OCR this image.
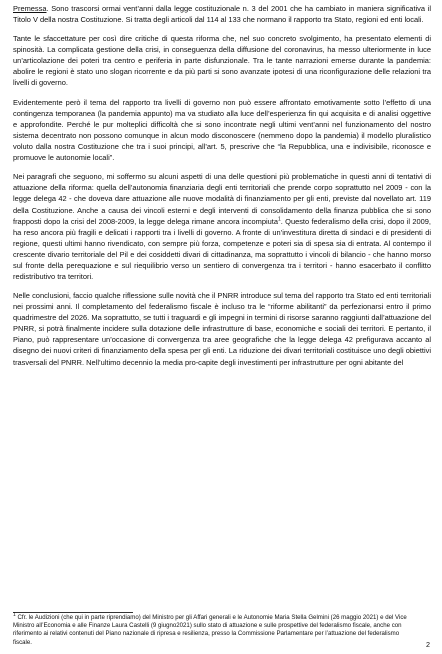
Premessa. Sono trascorsi ormai vent’anni dalla legge costituzionale n. 3 del 2001 che ha cambiato in maniera significativa il Titolo V della nostra Costituzione. Si tratta degli articoli dal 114 al 133 che normano il rapporto tra Stato, regioni ed enti locali.

Tante le sfaccettature per così dire critiche di questa riforma che, nel suo concreto svolgimento, ha presentato elementi di spinosità. La complicata gestione della crisi, in conseguenza della diffusione del coronavirus, ha messo ulteriormente in luce un’articolazione dei poteri tra centro e periferia in parte disfunzionale. Tra le tante narrazioni emerse durante la pandemia: abolire le regioni è stato uno slogan ricorrente e da più parti si sono avanzate ipotesi di una riconfigurazione delle relazioni tra livelli di governo.

Evidentemente però il tema del rapporto tra livelli di governo non può essere affrontato emotivamente sotto l’effetto di una contingenza temporanea (la pandemia appunto) ma va studiato alla luce dell’esperienza fin qui acquisita e di analisi oggettive e approfondite. Perché le pur molteplici difficoltà che si sono incontrate negli ultimi vent’anni nel funzionamento del nostro sistema decentrato non possono comunque in alcun modo disconoscere (nemmeno dopo la pandemia) il modello pluralistico voluto dalla nostra Costituzione che tra i suoi principi, all’art. 5, prescrive che “la Repubblica, una e indivisibile, riconosce e promuove le autonomie locali”.

Nei paragrafi che seguono, mi soffermo su alcuni aspetti di una delle questioni più problematiche in questi anni di tentativi di attuazione della riforma: quella dell’autonomia finanziaria degli enti territoriali che prende corpo soprattutto nel 2009 - con la legge delega 42 - che doveva dare attuazione alle nuove modalità di finanziamento per gli enti, previste dal novellato art. 119 della Costituzione. Anche a causa dei vincoli esterni e degli interventi di consolidamento della finanza pubblica che si sono frapposti dopo la crisi del 2008-2009, la legge delega rimane ancora incompiuta$^1$. Questo federalismo della crisi, dopo il 2009, ha reso ancora più fragili e delicati i rapporti tra i livelli di governo. A fronte di un’investitura diretta di sindaci e di presidenti di regione, questi ultimi hanno rivendicato, con sempre più forza, competenze e poteri sia di spesa sia di entrata. Al contempo il crescente divario territoriale del Pil e dei cosiddetti divari di cittadinanza, ma soprattutto i vincoli di bilancio - che hanno morso sul fronte della perequazione e sul riequilibrio verso un sentiero di convergenza tra i territori - hanno esacerbato il conflitto redistributivo tra territori.

Nelle conclusioni, faccio qualche riflessione sulle novità che il PNRR introduce sul tema del rapporto tra Stato ed enti territoriali nei prossimi anni. Il completamento del federalismo fiscale è incluso tra le “riforme abilitanti” da perfezionarsi entro il primo quadrimestre del 2026. Ma soprattutto, se tutti i traguardi e gli impegni in termini di risorse saranno raggiunti dall’attuazione del PNRR, si potrà finalmente incidere sulla dotazione delle infrastrutture di base, economiche e sociali dei territori. E pertanto, il Piano, può rappresentare un’occasione di convergenza tra aree geografiche che la legge delega 42 prefigurava accanto al disegno dei nuovi criteri di finanziamento della spesa per gli enti. La riduzione dei divari territoriali costituisce uno degli obiettivi trasversali del PNRR. Nell’ultimo decennio la media pro-capite degli investimenti per infrastrutture per ogni abitante del

$^1$ Cfr. le Audizioni (che qui in parte riprendiamo) del Ministro per gli Affari generali e le Autonomie Maria Stella Gelmini (26 maggio 2021) e del Vice Ministro all’Economia e alle Finanze Laura Castelli (9 giugno2021) sullo stato di attuazione e sulle prospettive del federalismo fiscale, anche con riferimento ai relativi contenuti del Piano nazionale di ripresa e resilienza, presso la Commissione Parlamentare per l’attuazione del federalismo fiscale.	2
